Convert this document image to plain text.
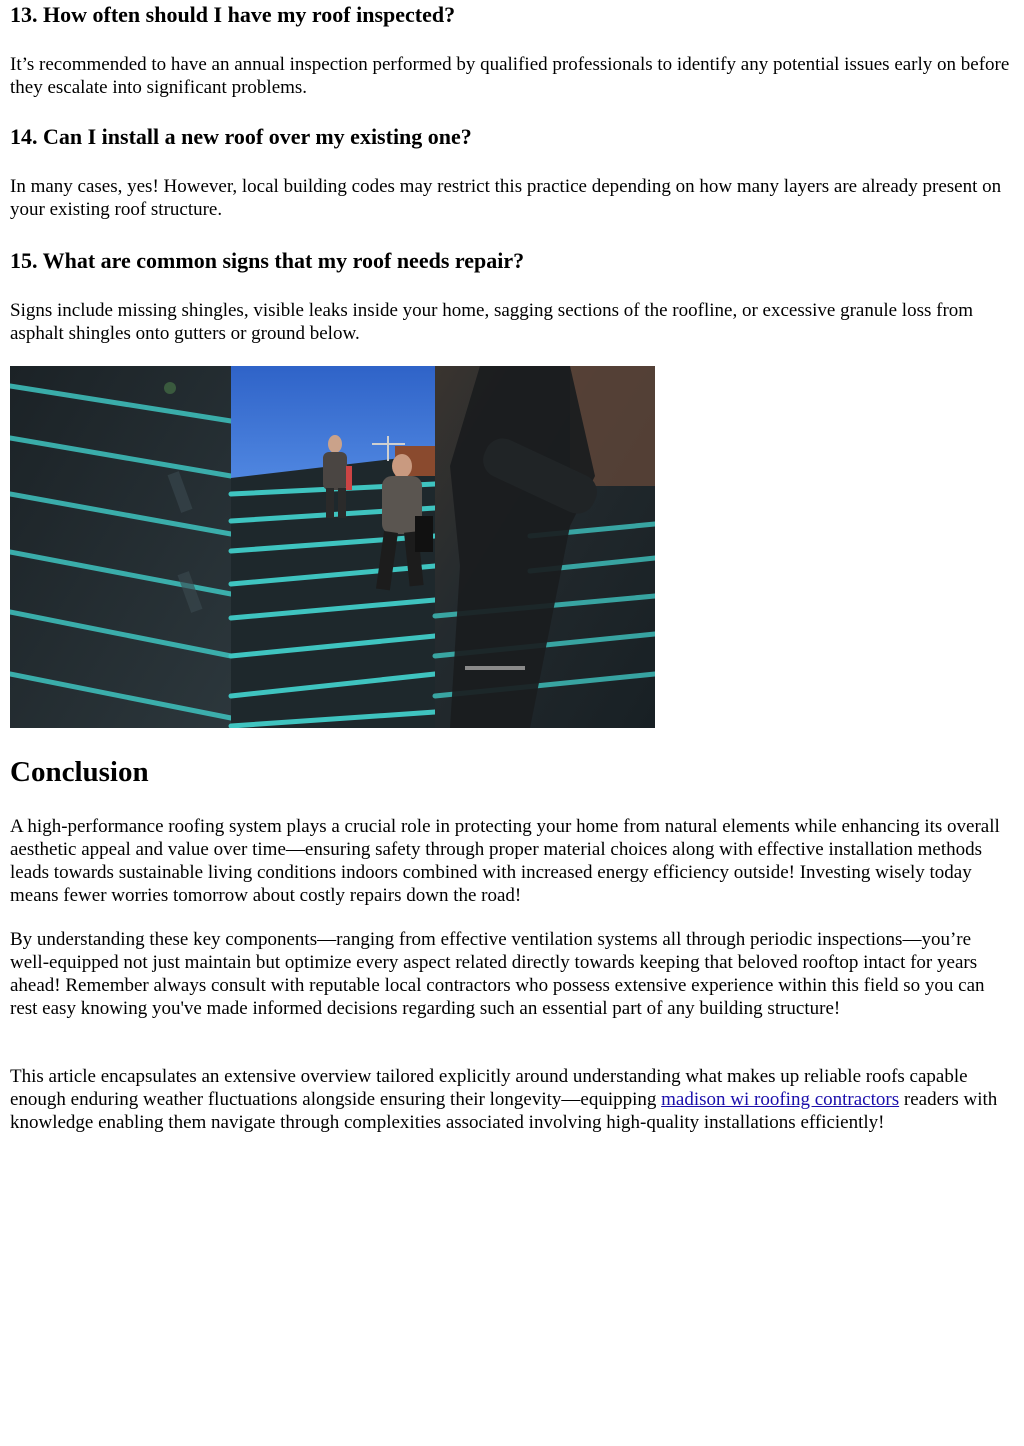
13. How often should I have my roof inspected?

It’s recommended to have an annual inspection performed by qualified professionals to identify any potential issues early on before they escalate into significant problems.

14. Can I install a new roof over my existing one?

In many cases, yes! However, local building codes may restrict this practice depending on how many layers are already present on your existing roof structure.

15. What are common signs that my roof needs repair?

Signs include missing shingles, visible leaks inside your home, sagging sections of the roofline, or excessive granule loss from asphalt shingles onto gutters or ground below.

Conclusion

A high-performance roofing system plays a crucial role in protecting your home from natural elements while enhancing its overall aesthetic appeal and value over time—ensuring safety through proper material choices along with effective installation methods leads towards sustainable living conditions indoors combined with increased energy efficiency outside! Investing wisely today means fewer worries tomorrow about costly repairs down the road!

By understanding these key components—ranging from effective ventilation systems all through periodic inspections—you’re well-equipped not just maintain but optimize every aspect related directly towards keeping that beloved rooftop intact for years ahead! Remember always consult with reputable local contractors who possess extensive experience within this field so you can rest easy knowing you've made informed decisions regarding such an essential part of any building structure!

This article encapsulates an extensive overview tailored explicitly around understanding what makes up reliable roofs capable enough enduring weather fluctuations alongside ensuring their longevity—equipping madison wi roofing contractors readers with knowledge enabling them navigate through complexities associated involving high-quality installations efficiently!
